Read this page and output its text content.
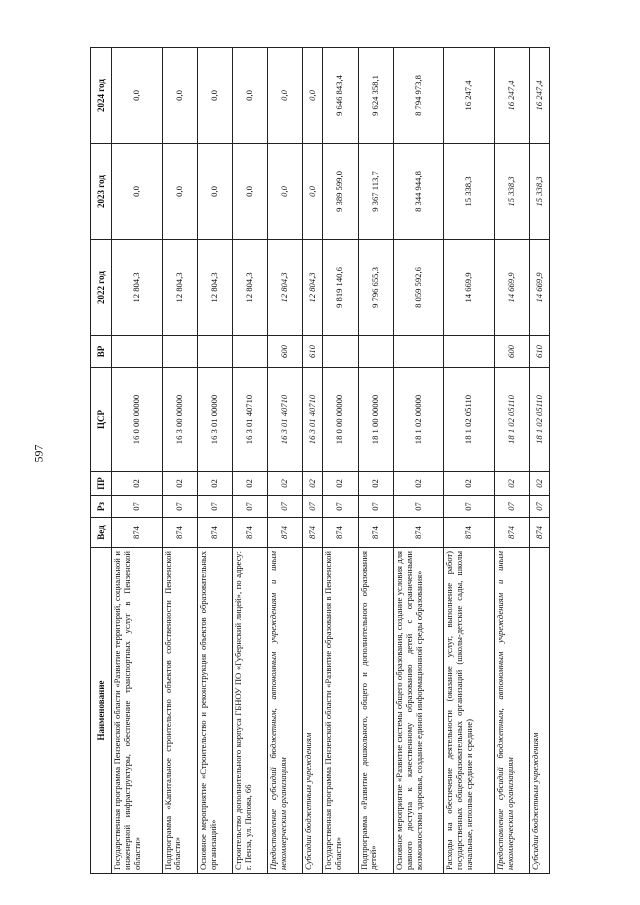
597
Наименование	Вед	Рз	ПР	ЦСР	ВР	2022 год	2023 год	2024 год
Государственная программа Пензенской области «Развитие территорий, социальной и инженерной инфраструктуры, обеспечение транспортных услуг в Пензенской области»	874	07	02	16 0 00 00000		12 804,3	0,0	0,0
Подпрограмма «Капитальное строительство объектов собственности Пензенской области»	874	07	02	16 3 00 00000		12 804,3	0,0	0,0
Основное мероприятие «Строительство и реконструкция объектов образовательных организаций»	874	07	02	16 3 01 00000		12 804,3	0,0	0,0
Строительство дополнительного корпуса ГБНОУ ПО «Губернский лицей», по адресу: г. Пенза, ул. Попова, 66	874	07	02	16 3 01 40710		12 804,3	0,0	0,0
Предоставление субсидий бюджетным, автономным учреждениям и иным некоммерческим организациям	874	07	02	16 3 01 40710	600	12 804,3	0,0	0,0
Субсидии бюджетным учреждениям	874	07	02	16 3 01 40710	610	12 804,3	0,0	0,0
Государственная программа Пензенской области «Развитие образования в Пензенской области»	874	07	02	18 0 00 00000		9 819 140,6	9 389 599,0	9 646 843,4
Подпрограмма «Развитие дошкольного, общего и дополнительного образования детей»	874	07	02	18 1 00 00000		9 796 655,3	9 367 113,7	9 624 358,1
Основное мероприятие «Развитие системы общего образования, создание условия для равного доступа к качественному образованию детей с ограниченными возможностями здоровья, создание единой информационной среды образования»	874	07	02	18 1 02 00000		8 059 592,6	8 344 944,8	8 794 973,8
Расходы на обеспечение деятельности (оказание услуг, выполнение работ) государственных общеобразовательных организаций (школы-детские сады, школы начальные, неполные средние и средние)	874	07	02	18 1 02 05110		14 669,9	15 338,3	16 247,4
Предоставление субсидий бюджетным, автономным учреждениям и иным некоммерческим организациям	874	07	02	18 1 02 05110	600	14 669,9	15 338,3	16 247,4
Субсидии бюджетным учреждениям	874	07	02	18 1 02 05110	610	14 669,9	15 338,3	16 247,4
